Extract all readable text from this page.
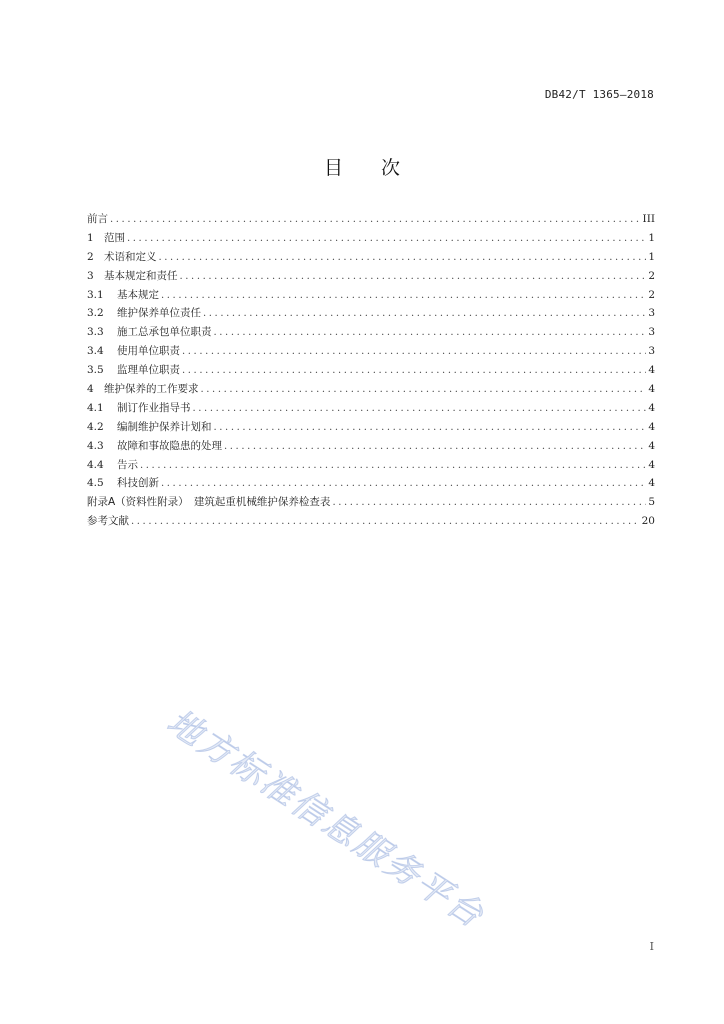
DB42/T 1365—2018
目　　次
前言 .....	III
1 范围 .....	1
2 术语和定义 .....	1
3 基本规定和责任 .....	2
3.1	基本规定 .....	2
3.2	维护保养单位责任 .....	3
3.3	施工总承包单位职责 .....	3
3.4	使用单位职责 .....	3
3.5	监理单位职责 .....	4
4 维护保养的工作要求 .....	4
4.1	制订作业指导书 .....	4
4.2	编制维护保养计划和 .....	4
4.3	故障和事故隐患的处理 .....	4
4.4	告示 .....	4
4.5	科技创新 .....	4
附录A（资料性附录）　建筑起重机械维护保养检查表 .....	5
参考文献 .....	20
地方标准信息服务平台
I
